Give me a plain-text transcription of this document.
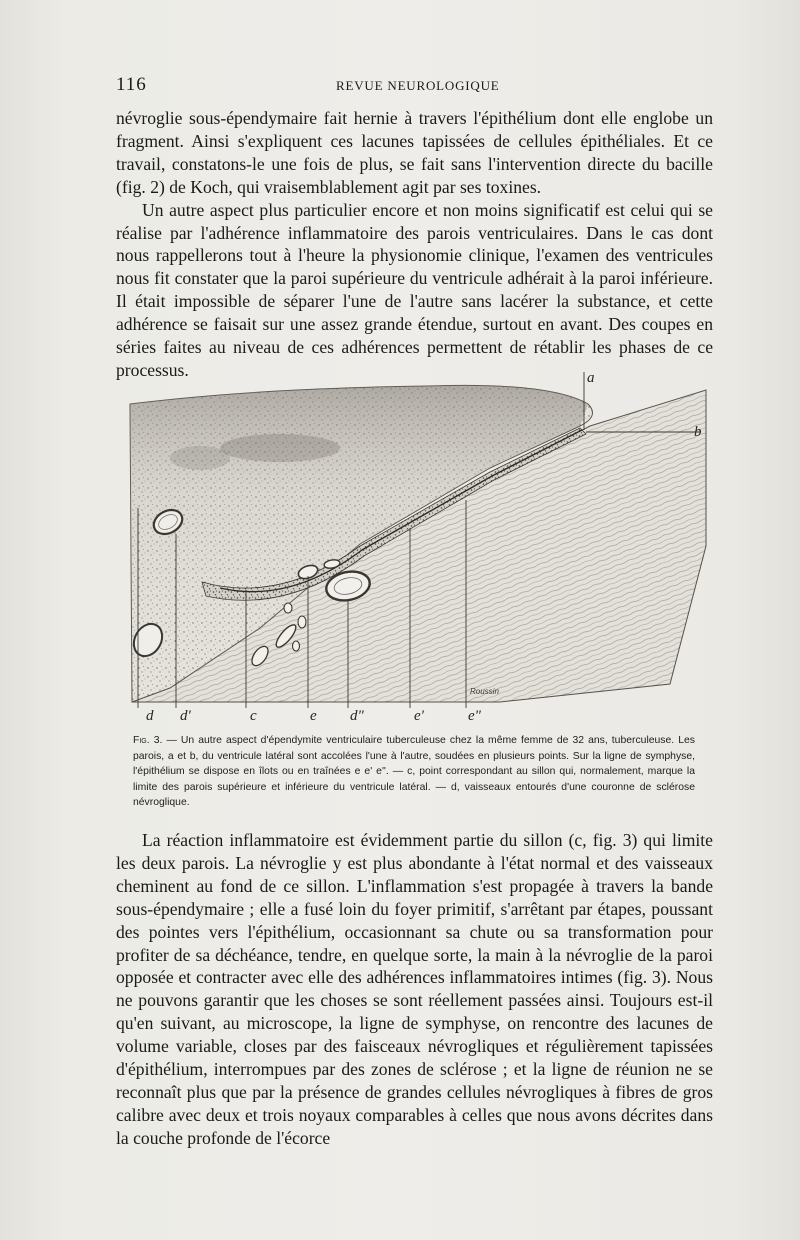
116	REVUE NEUROLOGIQUE

névroglie sous-épendymaire fait hernie à travers l'épithélium dont elle englobe un fragment. Ainsi s'expliquent ces lacunes tapissées de cellules épithéliales. Et ce travail, constatons-le une fois de plus, se fait sans l'intervention directe du bacille (fig. 2) de Koch, qui vraisemblablement agit par ses toxines.

Un autre aspect plus particulier encore et non moins significatif est celui qui se réalise par l'adhérence inflammatoire des parois ventriculaires. Dans le cas dont nous rappellerons tout à l'heure la physionomie clinique, l'examen des ventricules nous fit constater que la paroi supérieure du ventricule adhérait à la paroi inférieure. Il était impossible de séparer l'une de l'autre sans lacérer la substance, et cette adhérence se faisait sur une assez grande étendue, surtout en avant. Des coupes en séries faites au niveau de ces adhérences permettent de rétablir les phases de ce processus.	a
b
d d'	c	e d"	e'	e"
Roussin
Fig. 3. — Un autre aspect d'épendymite ventriculaire tuberculeuse chez la même femme de 32 ans, tuberculeuse. Les parois, a et b, du ventricule latéral sont accolées l'une à l'autre, soudées en plusieurs points. Sur la ligne de symphyse, l'épithélium se dispose en îlots ou en traînées e e' e''. — c, point correspondant au sillon qui, normalement, marque la limite des parois supérieure et inférieure du ventricule latéral. — d, vaisseaux entourés d'une couronne de sclérose névroglique.

La réaction inflammatoire est évidemment partie du sillon (c, fig. 3) qui limite les deux parois. La névroglie y est plus abondante à l'état normal et des vaisseaux cheminent au fond de ce sillon. L'inflammation s'est propagée à travers la bande sous-épendymaire ; elle a fusé loin du foyer primitif, s'arrêtant par étapes, poussant des pointes vers l'épithélium, occasionnant sa chute ou sa transformation pour profiter de sa déchéance, tendre, en quelque sorte, la main à la névroglie de la paroi opposée et contracter avec elle des adhérences inflammatoires intimes (fig. 3). Nous ne pouvons garantir que les choses se sont réellement passées ainsi. Toujours est-il qu'en suivant, au microscope, la ligne de symphyse, on rencontre des lacunes de volume variable, closes par des faisceaux névrogliques et régulièrement tapissées d'épithélium, interrompues par des zones de sclérose ; et la ligne de réunion ne se reconnaît plus que par la présence de grandes cellules névrogliques à fibres de gros calibre avec deux et trois noyaux comparables à celles que nous avons décrites dans la couche profonde de l'écorce
